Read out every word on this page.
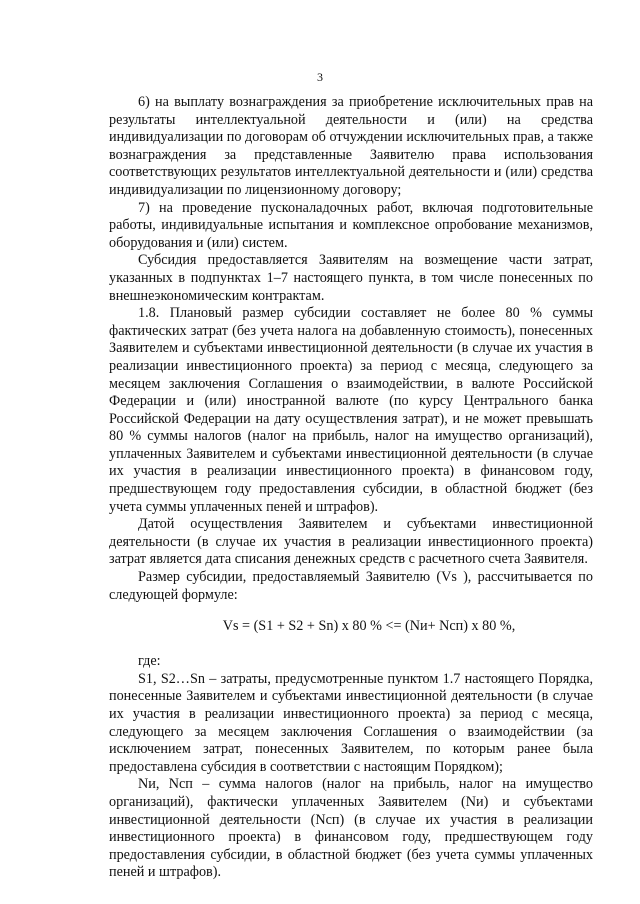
3

6) на выплату вознаграждения за приобретение исключительных прав на результаты интеллектуальной деятельности и (или) на средства индивидуализации по договорам об отчуждении исключительных прав, а также вознаграждения за представленные Заявителю права использования соответствующих результатов интеллектуальной деятельности и (или) средства индивидуализации по лицензионному договору;

7) на проведение пусконаладочных работ, включая подготовительные работы, индивидуальные испытания и комплексное опробование механизмов, оборудования и (или) систем.

Субсидия предоставляется Заявителям на возмещение части затрат, указанных в подпунктах 1–7 настоящего пункта, в том числе понесенных по внешнеэкономическим контрактам.

1.8. Плановый размер субсидии составляет не более 80 % суммы фактических затрат (без учета налога на добавленную стоимость), понесенных Заявителем и субъектами инвестиционной деятельности (в случае их участия в реализации инвестиционного проекта) за период с месяца, следующего за месяцем заключения Соглашения о взаимодействии, в валюте Российской Федерации и (или) иностранной валюте (по курсу Центрального банка Российской Федерации на дату осуществления затрат), и не может превышать 80 % суммы налогов (налог на прибыль, налог на имущество организаций), уплаченных Заявителем и субъектами инвестиционной деятельности (в случае их участия в реализации инвестиционного проекта) в финансовом году, предшествующем году предоставления субсидии, в областной бюджет (без учета суммы уплаченных пеней и штрафов).

Датой осуществления Заявителем и субъектами инвестиционной деятельности (в случае их участия в реализации инвестиционного проекта) затрат является дата списания денежных средств с расчетного счета Заявителя.

Размер субсидии, предоставляемый Заявителю (Vs ), рассчитывается по следующей формуле:

Vs = (S1 + S2 + Sn) x 80 % <= (Nи+ Nсп) x 80 %,

где:

S1, S2…Sn – затраты, предусмотренные пунктом 1.7 настоящего Порядка, понесенные Заявителем и субъектами инвестиционной деятельности (в случае их участия в реализации инвестиционного проекта) за период с месяца, следующего за месяцем заключения Соглашения о взаимодействии (за исключением затрат, понесенных Заявителем, по которым ранее была предоставлена субсидия в соответствии с настоящим Порядком);

Nи, Nсп – сумма налогов (налог на прибыль, налог на имущество организаций), фактически уплаченных Заявителем (Nи) и субъектами инвестиционной деятельности (Nсп) (в случае их участия в реализации инвестиционного проекта) в финансовом году, предшествующем году предоставления субсидии, в областной бюджет (без учета суммы уплаченных пеней и штрафов).
